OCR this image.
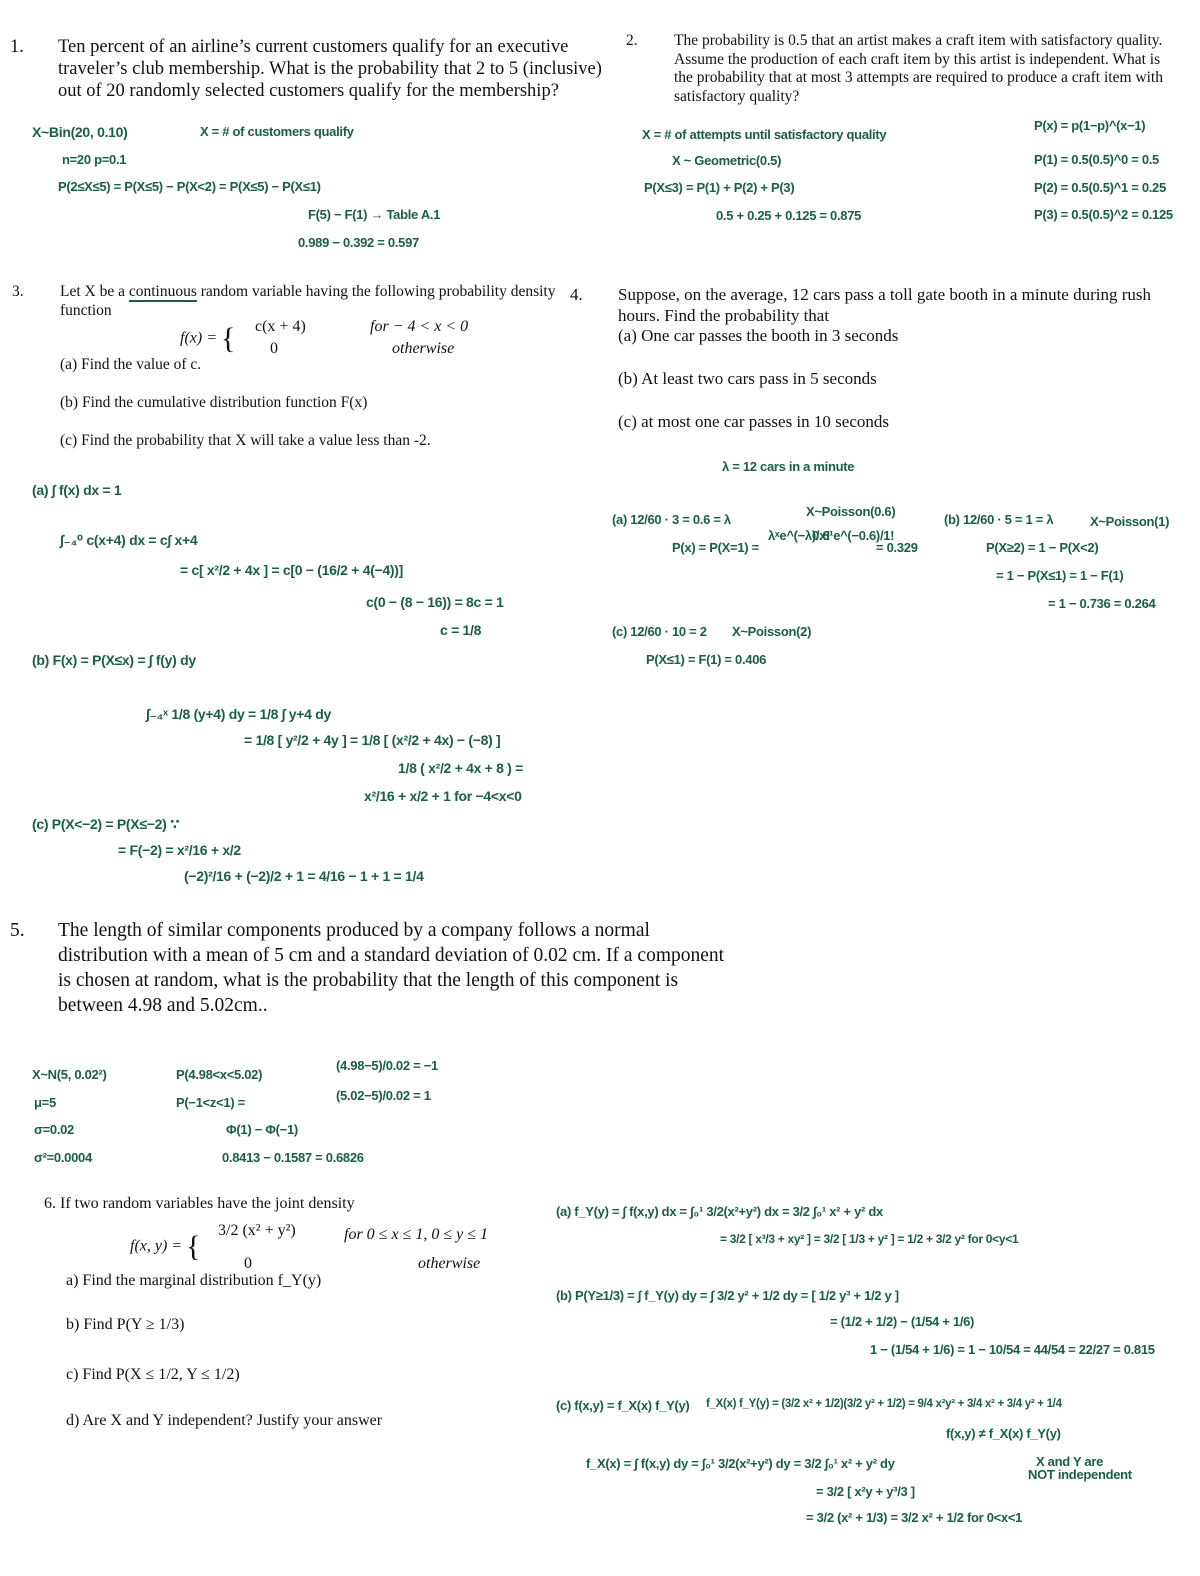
1. Ten percent of an airline’s current customers qualify for an executive traveler’s club membership. What is the probability that 2 to 5 (inclusive) out of 20 randomly selected customers qualify for the membership?
X~Bin(20, 0.10)	X = # of customers qualify
n=20 p=0.1
P(2≤X≤5) = P(X≤5) − P(X<2) = P(X≤5) − P(X≤1)
F(5) − F(1) → Table A.1
0.989 − 0.392 = 0.597
2. The probability is 0.5 that an artist makes a craft item with satisfactory quality. Assume the production of each craft item by this artist is independent. What is the probability that at most 3 attempts are required to produce a craft item with satisfactory quality?
X = # of attempts until satisfactory quality
X ~ Geometric(0.5)
P(X≤3) = P(1) + P(2) + P(3)
0.5 + 0.25 + 0.125 = 0.875
P(x) = p(1−p)^(x−1)
P(1) = 0.5(0.5)^0 = 0.5
P(2) = 0.5(0.5)^1 = 0.25
P(3) = 0.5(0.5)^2 = 0.125
3. Let X be a continuous random variable having the following probability density function
f(x) = { c(x + 4)
0
for − 4 < x < 0
otherwise
(a) Find the value of c.
(b) Find the cumulative distribution function F(x)
(c) Find the probability that X will take a value less than -2.
(a) ∫ f(x) dx = 1
∫₋₄⁰ c(x+4) dx = c∫ x+4
= c[ x²/2 + 4x ] = c[0 − (16/2 + 4(−4))]
c(0 − (8 − 16)) = 8c = 1
c = 1/8
(b) F(x) = P(X≤x) = ∫ f(y) dy
∫₋₄ˣ 1/8 (y+4) dy = 1/8 ∫ y+4 dy
= 1/8 [ y²/2 + 4y ] = 1/8 [ (x²/2 + 4x) − (−8) ]
1/8 ( x²/2 + 4x + 8 ) =
x²/16 + x/2 + 1 for −4<x<0
(c) P(X<−2) = P(X≤−2) ∵
= F(−2) = x²/16 + x/2
(−2)²/16 + (−2)/2 + 1 = 4/16 − 1 + 1 = 1/4
4. Suppose, on the average, 12 cars pass a toll gate booth in a minute during rush hours. Find the probability that
(a) One car passes the booth in 3 seconds
(b) At least two cars pass in 5 seconds
(c) at most one car passes in 10 seconds
λ = 12 cars in a minute
(a) 12/60 · 3 = 0.6 = λ
X~Poisson(0.6)
P(x) = P(X=1) =
λˣe^(−λ)/x!
0.6¹e^(−0.6)/1!
= 0.329
(b) 12/60 · 5 = 1 = λ	X~Poisson(1)
P(X≥2) = 1 − P(X<2)
= 1 − P(X≤1) = 1 − F(1)
= 1 − 0.736 = 0.264
(c) 12/60 · 10 = 2 X~Poisson(2)
P(X≤1) = F(1) = 0.406
5. The length of similar components produced by a company follows a normal distribution with a mean of 5 cm and a standard deviation of 0.02 cm. If a component is chosen at random, what is the probability that the length of this component is between 4.98 and 5.02cm..
X~N(5, 0.02²)
μ=5
σ=0.02
σ²=0.0004
P(4.98<x<5.02)
P(−1<z<1) =
Φ(1) − Φ(−1)
0.8413 − 0.1587 = 0.6826
(4.98−5)/0.02 = −1
(5.02−5)/0.02 = 1
6. If two random variables have the joint density
f(x, y) = { 3/2 (x² + y²)
0
for 0 ≤ x ≤ 1, 0 ≤ y ≤ 1
otherwise
a) Find the marginal distribution f_Y(y)
b) Find P(Y ≥ 1/3)
c) Find P(X ≤ 1/2, Y ≤ 1/2)
d) Are X and Y independent? Justify your answer
(a) f_Y(y) = ∫ f(x,y) dx = ∫₀¹ 3/2(x²+y²) dx = 3/2 ∫₀¹ x² + y² dx
= 3/2 [ x³/3 + xy² ] = 3/2 [ 1/3 + y² ] = 1/2 + 3/2 y² for 0<y<1
(b) P(Y≥1/3) = ∫ f_Y(y) dy = ∫ 3/2 y² + 1/2 dy = [ 1/2 y³ + 1/2 y ]
= (1/2 + 1/2) − (1/54 + 1/6)
1 − (1/54 + 1/6) = 1 − 10/54 = 44/54 = 22/27 = 0.815
(c) f(x,y) = f_X(x) f_Y(y) f_X(x) f_Y(y) = (3/2 x² + 1/2)(3/2 y² + 1/2) = 9/4 x²y² + 3/4 x² + 3/4 y² + 1/4
f(x,y) ≠ f_X(x) f_Y(y)
X and Y are
NOT independent
f_X(x) = ∫ f(x,y) dy = ∫₀¹ 3/2(x²+y²) dy = 3/2 ∫₀¹ x² + y² dy
= 3/2 [ x²y + y³/3 ]
= 3/2 (x² + 1/3) = 3/2 x² + 1/2 for 0<x<1
